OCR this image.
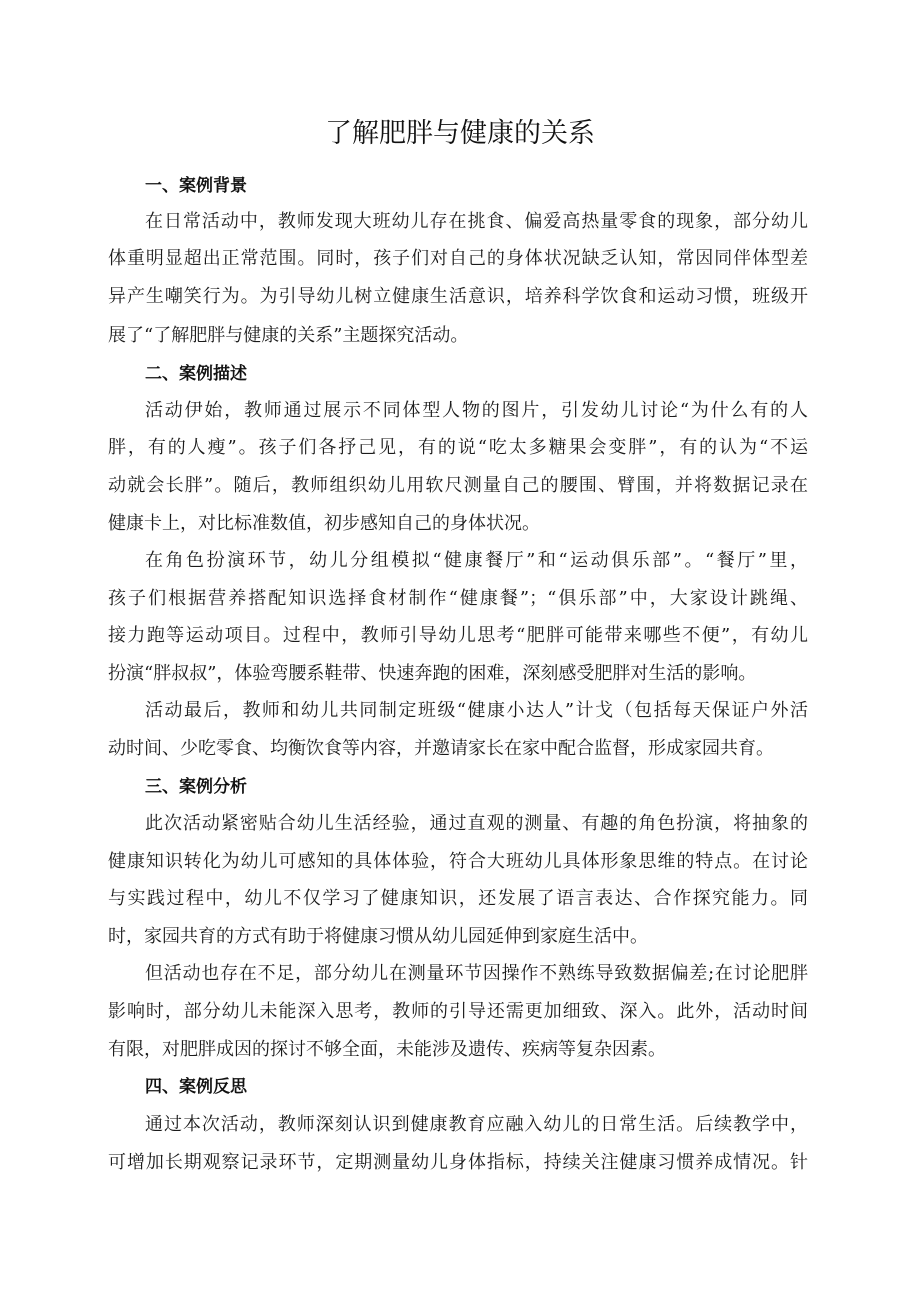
了解肥胖与健康的关系
一、案例背景
在日常活动中，教师发现大班幼儿存在挑食、偏爱高热量零食的现象，部分幼儿
体重明显超出正常范围。同时，孩子们对自己的身体状况缺乏认知，常因同伴体型差
异产生嘲笑行为。为引导幼儿树立健康生活意识，培养科学饮食和运动习惯，班级开
展了“了解肥胖与健康的关系”主题探究活动。
二、案例描述
活动伊始，教师通过展示不同体型人物的图片，引发幼儿讨论“为什么有的人
胖，有的人瘦”。孩子们各抒己见，有的说“吃太多糖果会变胖”，有的认为“不运
动就会长胖”。随后，教师组织幼儿用软尺测量自己的腰围、臂围，并将数据记录在
健康卡上，对比标准数值，初步感知自己的身体状况。
在角色扮演环节，幼儿分组模拟“健康餐厅”和“运动俱乐部”。“餐厅”里，
孩子们根据营养搭配知识选择食材制作“健康餐”；“俱乐部”中，大家设计跳绳、
接力跑等运动项目。过程中，教师引导幼儿思考“肥胖可能带来哪些不便”，有幼儿
扮演“胖叔叔”，体验弯腰系鞋带、快速奔跑的困难，深刻感受肥胖对生活的影响。
活动最后，教师和幼儿共同制定班级“健康小达人”计戈（包括每天保证户外活
动时间、少吃零食、均衡饮食等内容，并邀请家长在家中配合监督，形成家园共育。
三、案例分析
此次活动紧密贴合幼儿生活经验，通过直观的测量、有趣的角色扮演，将抽象的
健康知识转化为幼儿可感知的具体体验，符合大班幼儿具体形象思维的特点。在讨论
与实践过程中，幼儿不仅学习了健康知识，还发展了语言表达、合作探究能力。同
时，家园共育的方式有助于将健康习惯从幼儿园延伸到家庭生活中。
但活动也存在不足，部分幼儿在测量环节因操作不熟练导致数据偏差;在讨论肥胖
影响时，部分幼儿未能深入思考，教师的引导还需更加细致、深入。此外，活动时间
有限，对肥胖成因的探讨不够全面，未能涉及遗传、疾病等复杂因素。
四、案例反思
通过本次活动，教师深刻认识到健康教育应融入幼儿的日常生活。后续教学中，
可增加长期观察记录环节，定期测量幼儿身体指标，持续关注健康习惯养成情况。针
